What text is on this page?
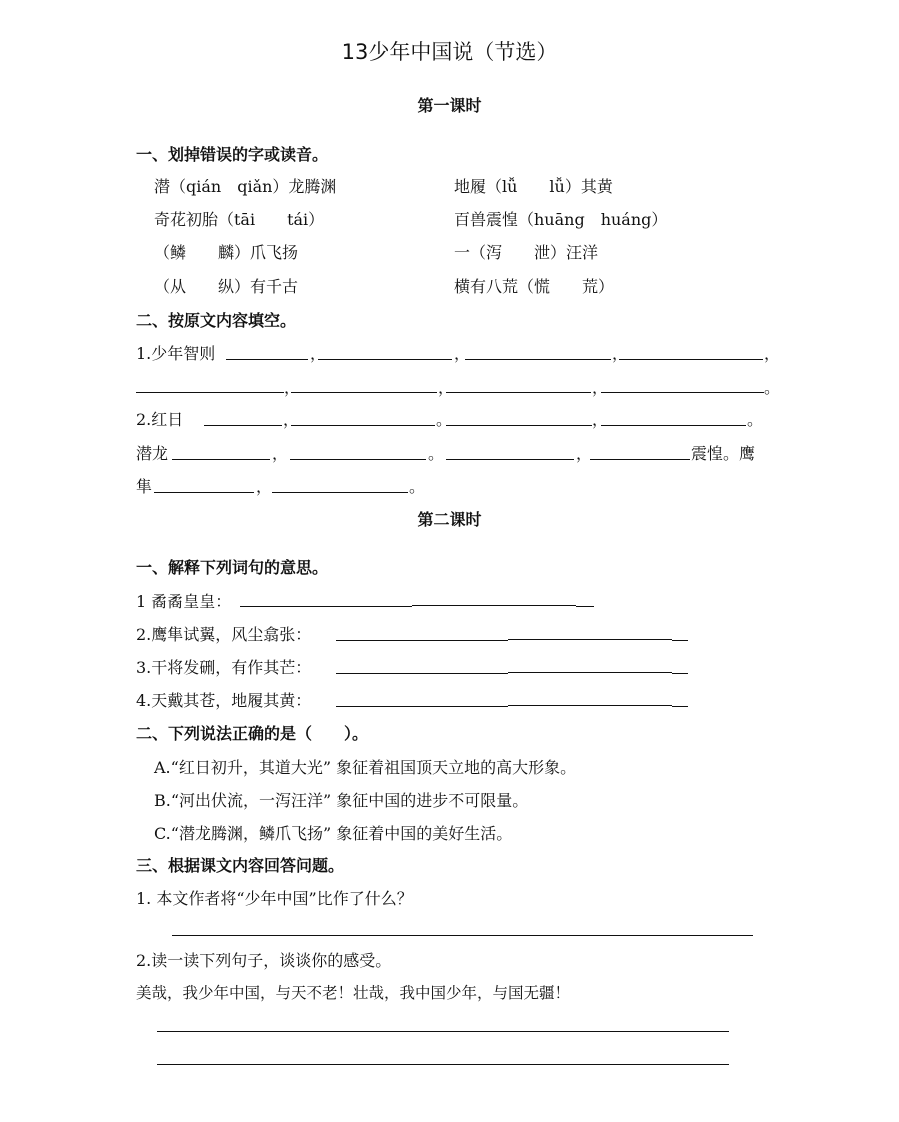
13少年中国说（节选）
第一课时
一、划掉错误的字或读音。
潜（qián　qiǎn）龙腾渊	地履（lǚ　　lǚ）其黄
奇花初胎（tāi　　tái）	百兽震惶（huāng　huáng）
（鳞　　麟）爪飞扬	一（泻　　泄）汪洋
（从　　纵）有千古	横有八荒（慌　　荒）
二、按原文内容填空。
1.少年智则	，	，	，	，
，	，	，	。
2.红日	，	。	，	。
潜龙	，	。	，	震惶。鹰
隼	，	。
第二课时
一、解释下列词句的意思。
1 矞矞皇皇：
2.鹰隼试翼，风尘翕张：
3.干将发硎，有作其芒：
4.天戴其苍，地履其黄：
二、下列说法正确的是（　　）。
A.“红日初升，其道大光” 象征着祖国顶天立地的高大形象。
B.“河出伏流，一泻汪洋” 象征中国的进步不可限量。
C.“潜龙腾渊，鳞爪飞扬” 象征着中国的美好生活。
三、根据课文内容回答问题。
1. 本文作者将“少年中国”比作了什么？
2.读一读下列句子，谈谈你的感受。
美哉，我少年中国，与天不老！壮哉，我中国少年，与国无疆！
